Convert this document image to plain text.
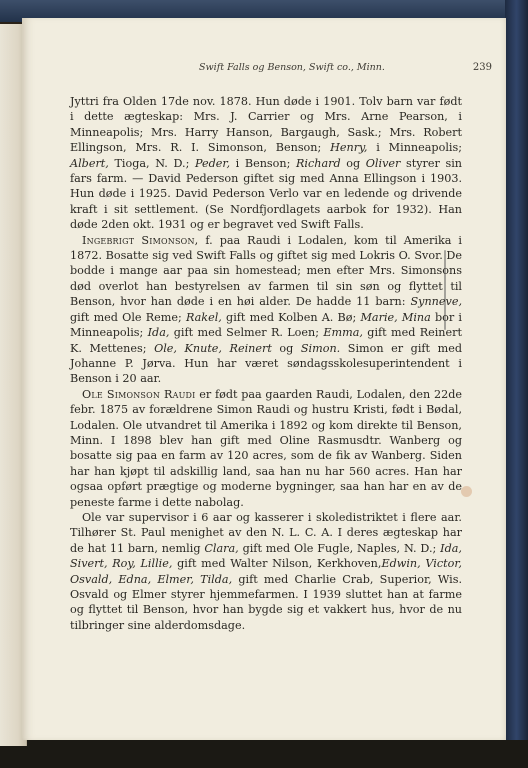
Swift Falls og Benson, Swift co., Minn.	239

Jyttri fra Olden 17de nov. 1878. Hun døde i 1901. Tolv barn var født i dette ægteskap: Mrs. J. Carrier og Mrs. Arne Pearson, i Minneapolis; Mrs. Harry Hanson, Bargaugh, Sask.; Mrs. Robert Ellingson, Mrs. R. I. Simonson, Benson; Henry, i Minneapolis; Albert, Tioga, N. D.; Peder, i Benson; Richard og Oliver styrer sin fars farm. — David Pederson giftet sig med Anna Ellingson i 1903. Hun døde i 1925. David Pederson Verlo var en ledende og drivende kraft i sit settlement. (Se Nordfjordlagets aarbok for 1932). Han døde 2den okt. 1931 og er begravet ved Swift Falls.

Ingebrigt Simonson, f. paa Raudi i Lodalen, kom til Amerika i 1872. Bosatte sig ved Swift Falls og giftet sig med Lokris O. Svor. De bodde i mange aar paa sin homestead; men efter Mrs. Simonsons død overlot han bestyrelsen av farmen til sin søn og flyttet til Benson, hvor han døde i en høi alder. De hadde 11 barn: Synneve, gift med Ole Reme; Rakel, gift med Kolben A. Bø; Marie, Mina bor i Minneapolis; Ida, gift med Selmer R. Loen; Emma, gift med Reinert K. Mettenes; Ole, Knute, Reinert og Simon. Simon er gift med Johanne P. Jørva. Hun har været søndagsskolesuperintendent i Benson i 20 aar.

Ole Simonson Raudi er født paa gaarden Raudi, Lodalen, den 22de febr. 1875 av forældrene Simon Raudi og hustru Kristi, født i Bødal, Lodalen. Ole utvandret til Amerika i 1892 og kom direkte til Benson, Minn. I 1898 blev han gift med Oline Rasmusdtr. Wanberg og bosatte sig paa en farm av 120 acres, som de fik av Wanberg. Siden har han kjøpt til adskillig land, saa han nu har 560 acres. Han har ogsaa opført prægtige og moderne bygninger, saa han har en av de peneste farme i dette nabolag.

Ole var supervisor i 6 aar og kasserer i skoledistriktet i flere aar. Tilhører St. Paul menighet av den N. L. C. A. I deres ægteskap har de hat 11 barn, nemlig Clara, gift med Ole Fugle, Naples, N. D.; Ida, Sivert, Roy, Lillie, gift med Walter Nilson, Kerkhoven,Edwin, Victor, Osvald, Edna, Elmer, Tilda, gift med Charlie Crab, Superior, Wis. Osvald og Elmer styrer hjemmefarmen. I 1939 sluttet han at farme og flyttet til Benson, hvor han bygde sig et vakkert hus, hvor de nu tilbringer sine alderdomsdage.
